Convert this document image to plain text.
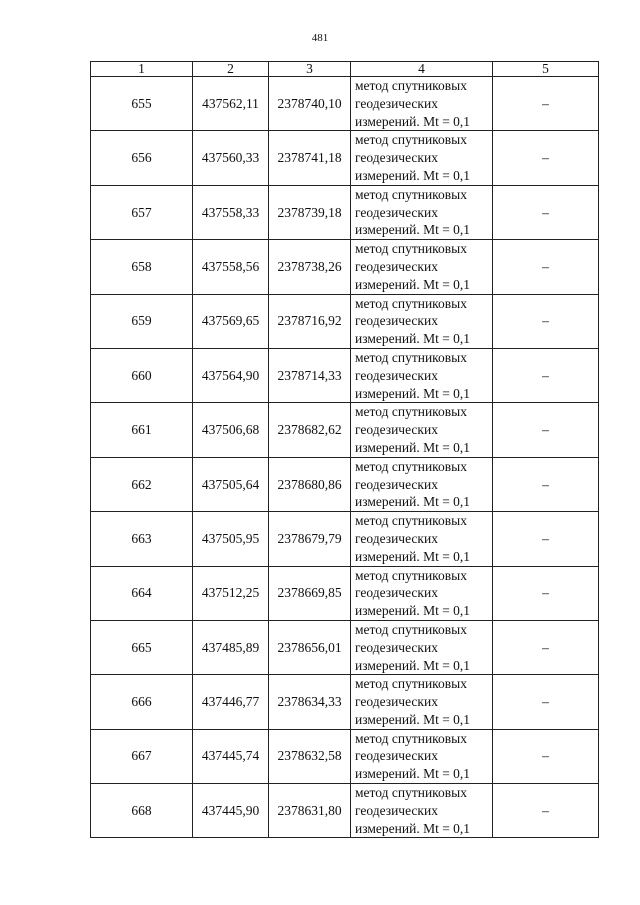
481
1	2	3	4	5
655	437562,11	2378740,10	метод спутниковых
геодезических
измерений. Mt = 0,1	–
656	437560,33	2378741,18	метод спутниковых
геодезических
измерений. Mt = 0,1	–
657	437558,33	2378739,18	метод спутниковых
геодезических
измерений. Mt = 0,1	–
658	437558,56	2378738,26	метод спутниковых
геодезических
измерений. Mt = 0,1	–
659	437569,65	2378716,92	метод спутниковых
геодезических
измерений. Mt = 0,1	–
660	437564,90	2378714,33	метод спутниковых
геодезических
измерений. Mt = 0,1	–
661	437506,68	2378682,62	метод спутниковых
геодезических
измерений. Mt = 0,1	–
662	437505,64	2378680,86	метод спутниковых
геодезических
измерений. Mt = 0,1	–
663	437505,95	2378679,79	метод спутниковых
геодезических
измерений. Mt = 0,1	–
664	437512,25	2378669,85	метод спутниковых
геодезических
измерений. Mt = 0,1	–
665	437485,89	2378656,01	метод спутниковых
геодезических
измерений. Mt = 0,1	–
666	437446,77	2378634,33	метод спутниковых
геодезических
измерений. Mt = 0,1	–
667	437445,74	2378632,58	метод спутниковых
геодезических
измерений. Mt = 0,1	–
668	437445,90	2378631,80	метод спутниковых
геодезических
измерений. Mt = 0,1	–
